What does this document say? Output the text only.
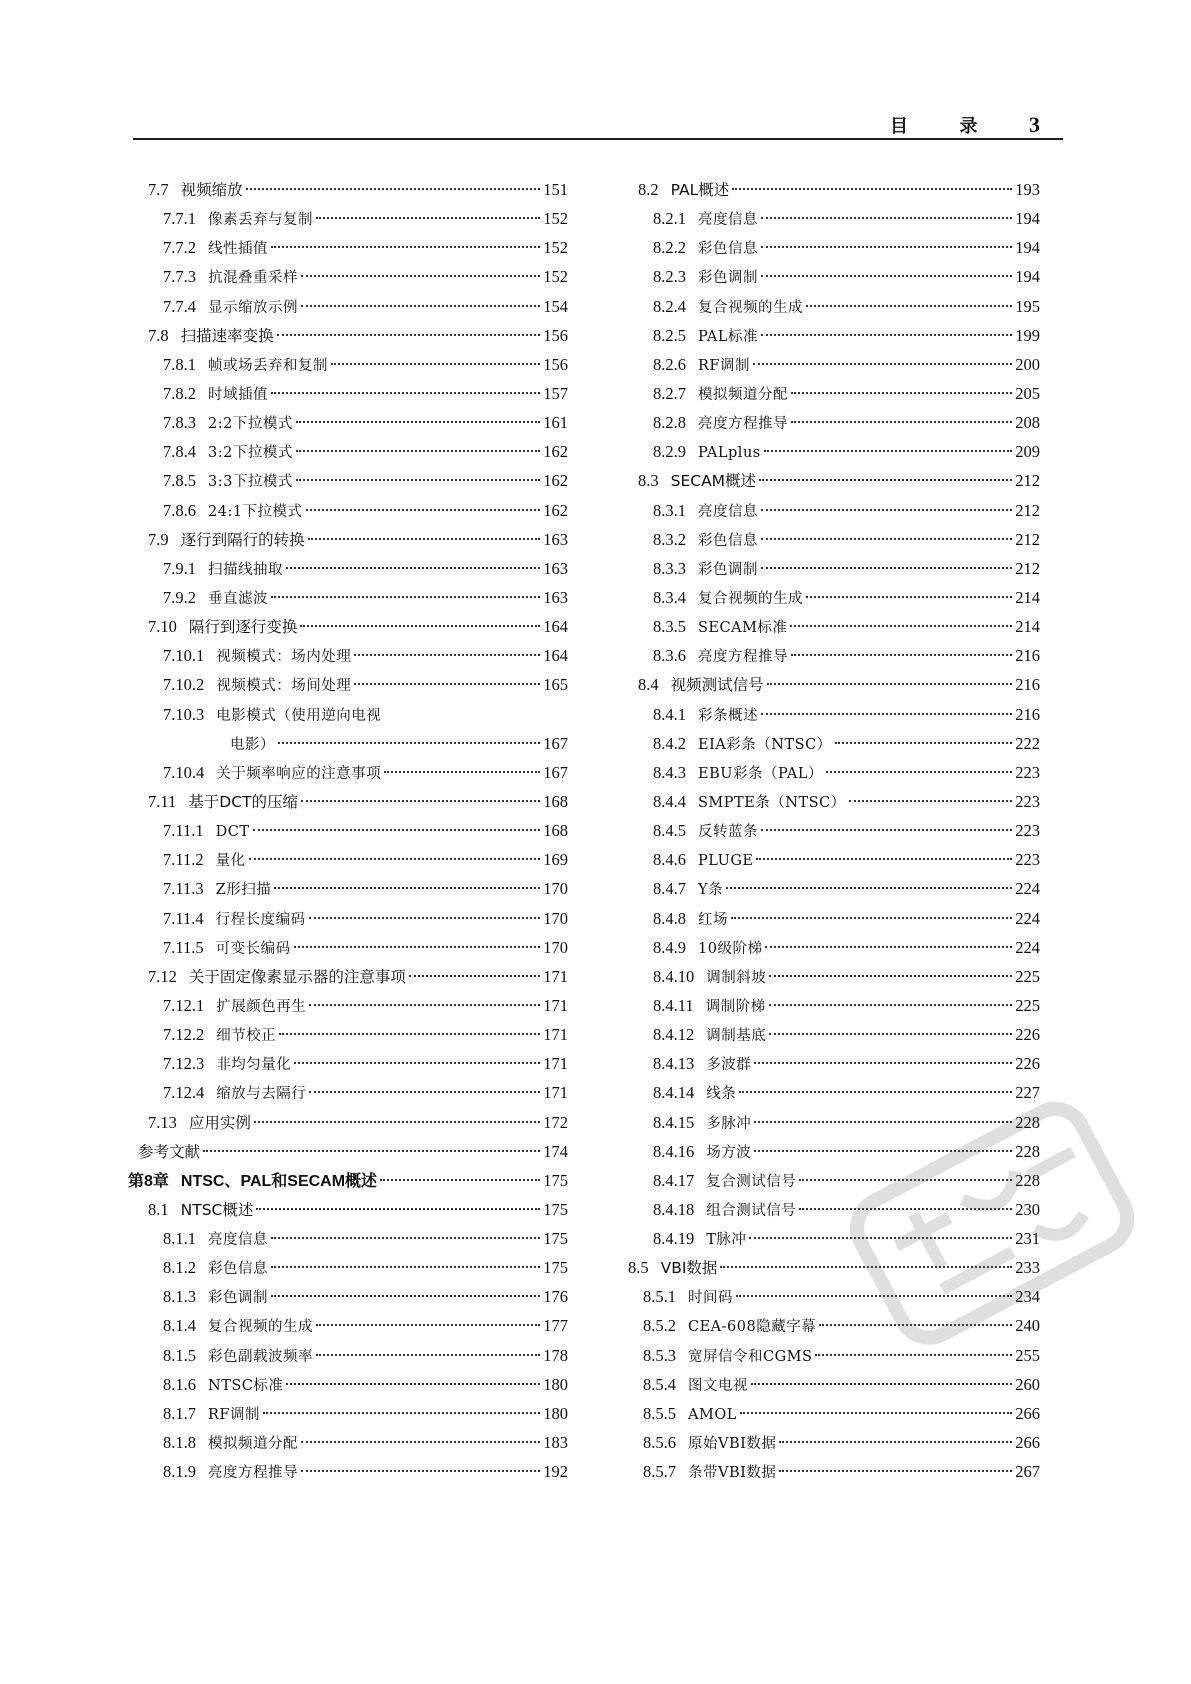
目	录 3
7.7 视频缩放	151
7.7.1 像素丢弃与复制	152
7.7.2 线性插值	152
7.7.3 抗混叠重采样	152
7.7.4 显示缩放示例	154
7.8 扫描速率变换	156
7.8.1 帧或场丢弃和复制	156
7.8.2 时域插值	157
7.8.3 2:2下拉模式	161
7.8.4 3:2下拉模式	162
7.8.5 3:3下拉模式	162
7.8.6 24:1下拉模式	162
7.9 逐行到隔行的转换	163
7.9.1 扫描线抽取	163
7.9.2 垂直滤波	163
7.10 隔行到逐行变换	164
7.10.1 视频模式：场内处理	164
7.10.2 视频模式：场间处理	165
7.10.3 电影模式（使用逆向电视
电影）	167
7.10.4 关于频率响应的注意事项	167
7.11 基于DCT的压缩	168
7.11.1 DCT	168
7.11.2 量化	169
7.11.3 Z形扫描	170
7.11.4 行程长度编码	170
7.11.5 可变长编码	170
7.12 关于固定像素显示器的注意事项	171
7.12.1 扩展颜色再生	171
7.12.2 细节校正	171
7.12.3 非均匀量化	171
7.12.4 缩放与去隔行	171
7.13 应用实例	172
参考文献	174
第8章 NTSC、PAL和SECAM概述	175
8.1 NTSC概述	175
8.1.1 亮度信息	175
8.1.2 彩色信息	175
8.1.3 彩色调制	176
8.1.4 复合视频的生成	177
8.1.5 彩色副载波频率	178
8.1.6 NTSC标准	180
8.1.7 RF调制	180
8.1.8 模拟频道分配	183
8.1.9 亮度方程推导	192
8.2 PAL概述	193
8.2.1 亮度信息	194
8.2.2 彩色信息	194
8.2.3 彩色调制	194
8.2.4 复合视频的生成	195
8.2.5 PAL标准	199
8.2.6 RF调制	200
8.2.7 模拟频道分配	205
8.2.8 亮度方程推导	208
8.2.9 PALplus	209
8.3 SECAM概述	212
8.3.1 亮度信息	212
8.3.2 彩色信息	212
8.3.3 彩色调制	212
8.3.4 复合视频的生成	214
8.3.5 SECAM标准	214
8.3.6 亮度方程推导	216
8.4 视频测试信号	216
8.4.1 彩条概述	216
8.4.2 EIA彩条（NTSC）	222
8.4.3 EBU彩条（PAL）	223
8.4.4 SMPTE条（NTSC）	223
8.4.5 反转蓝条	223
8.4.6 PLUGE	223
8.4.7 Y条	224
8.4.8 红场	224
8.4.9 10级阶梯	224
8.4.10 调制斜坡	225
8.4.11 调制阶梯	225
8.4.12 调制基底	226
8.4.13 多波群	226
8.4.14 线条	227
8.4.15 多脉冲	228
8.4.16 场方波	228
8.4.17 复合测试信号	228
8.4.18 组合测试信号	230
8.4.19 T脉冲	231
8.5 VBI数据	233
8.5.1 时间码	234
8.5.2 CEA-608隐藏字幕	240
8.5.3 宽屏信令和CGMS	255
8.5.4 图文电视	260
8.5.5 AMOL	266
8.5.6 原始VBI数据	266
8.5.7 条带VBI数据	267
